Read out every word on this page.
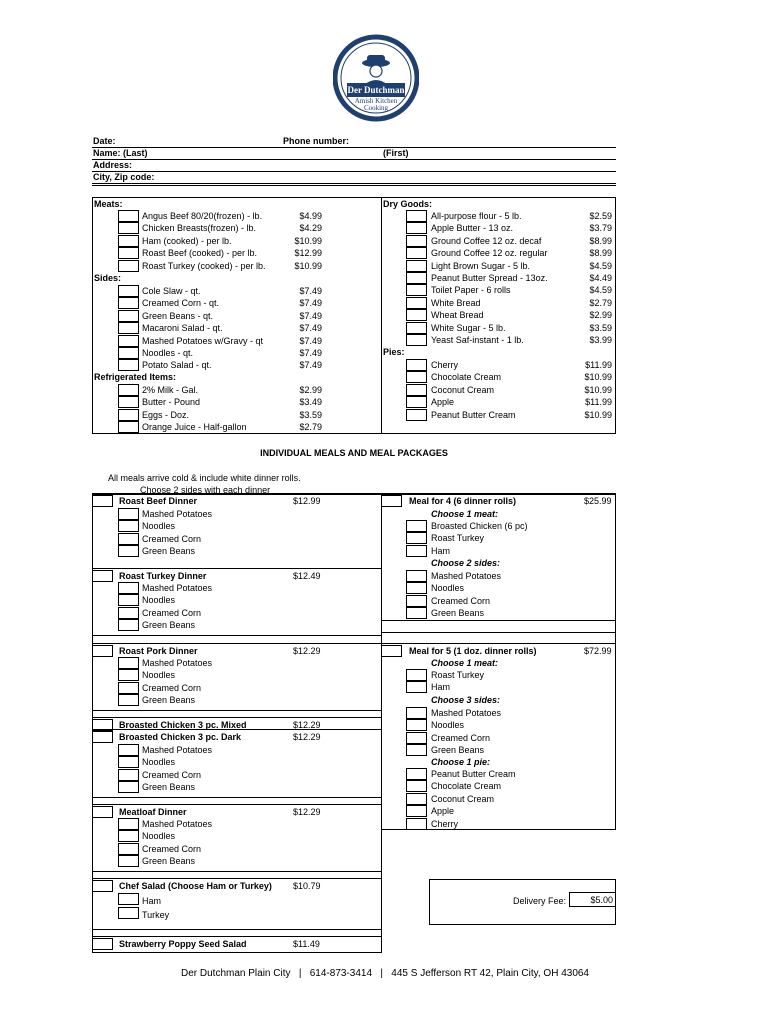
Der Dutchman
Amish Kitchen
Cooking
Date:	Phone number:
Name: (Last)	(First)
Address:
City, Zip code:
Meats:
Sides:
Refrigerated Items:
Dry Goods:
Pies:
INDIVIDUAL MEALS AND MEAL PACKAGES
All meals arrive cold & include white dinner rolls.
Choose 2 sides with each dinner
Delivery Fee:	$5.00
Der Dutchman Plain City   |   614-873-3414   |   445 S Jefferson RT 42, Plain City, OH 43064
Angus Beef 80/20(frozen) - lb.	$4.99
Chicken Breasts(frozen) - lb.	$4.29
Ham (cooked) - per lb.	$10.99
Roast Beef (cooked) - per lb.	$12.99
Roast Turkey (cooked) - per lb.	$10.99
Cole Slaw - qt.	$7.49
Creamed Corn - qt.	$7.49
Green Beans - qt.	$7.49
Macaroni Salad - qt.	$7.49
Mashed Potatoes w/Gravy - qt	$7.49
Noodles - qt.	$7.49
Potato Salad - qt.	$7.49
2% Milk - Gal.	$2.99
Butter - Pound	$3.49
Eggs - Doz.	$3.59
Orange Juice - Half-gallon	$2.79
All-purpose flour - 5 lb.	$2.59
Apple Butter - 13 oz.	$3.79
Ground Coffee 12 oz. decaf	$8.99
Ground Coffee 12 oz. regular	$8.99
Light Brown Sugar - 5 lb.	$4.59
Peanut Butter Spread - 13oz.	$4.49
Toilet Paper - 6 rolls	$4.59
White Bread	$2.79
Wheat Bread	$2.99
White Sugar - 5 lb.	$3.59
Yeast Saf-instant - 1 lb.	$3.99
Cherry	$11.99
Chocolate Cream	$10.99
Coconut Cream	$10.99
Apple	$11.99
Peanut Butter Cream	$10.99
Roast Beef Dinner	$12.99
Mashed Potatoes
Noodles
Creamed Corn
Green Beans
Roast Turkey Dinner	$12.49
Mashed Potatoes
Noodles
Creamed Corn
Green Beans
Roast Pork Dinner	$12.29
Mashed Potatoes
Noodles
Creamed Corn
Green Beans
Broasted Chicken 3 pc. Mixed	$12.29
Broasted Chicken 3 pc. Dark	$12.29
Mashed Potatoes
Noodles
Creamed Corn
Green Beans
Meatloaf Dinner	$12.29
Mashed Potatoes
Noodles
Creamed Corn
Green Beans
Chef Salad (Choose Ham or Turkey) $10.79
Ham
Turkey
Strawberry Poppy Seed Salad	$11.49
Meal for 4 (6 dinner rolls)	$25.99
Choose 1 meat:
Broasted Chicken (6 pc)
Roast Turkey
Ham
Choose 2 sides:
Mashed Potatoes
Noodles
Creamed Corn
Green Beans
Meal for 5 (1 doz. dinner rolls)	$72.99
Choose 1 meat:
Roast Turkey
Ham
Choose 3 sides:
Mashed Potatoes
Noodles
Creamed Corn
Green Beans
Choose 1 pie:
Peanut Butter Cream
Chocolate Cream
Coconut Cream
Apple
Cherry
